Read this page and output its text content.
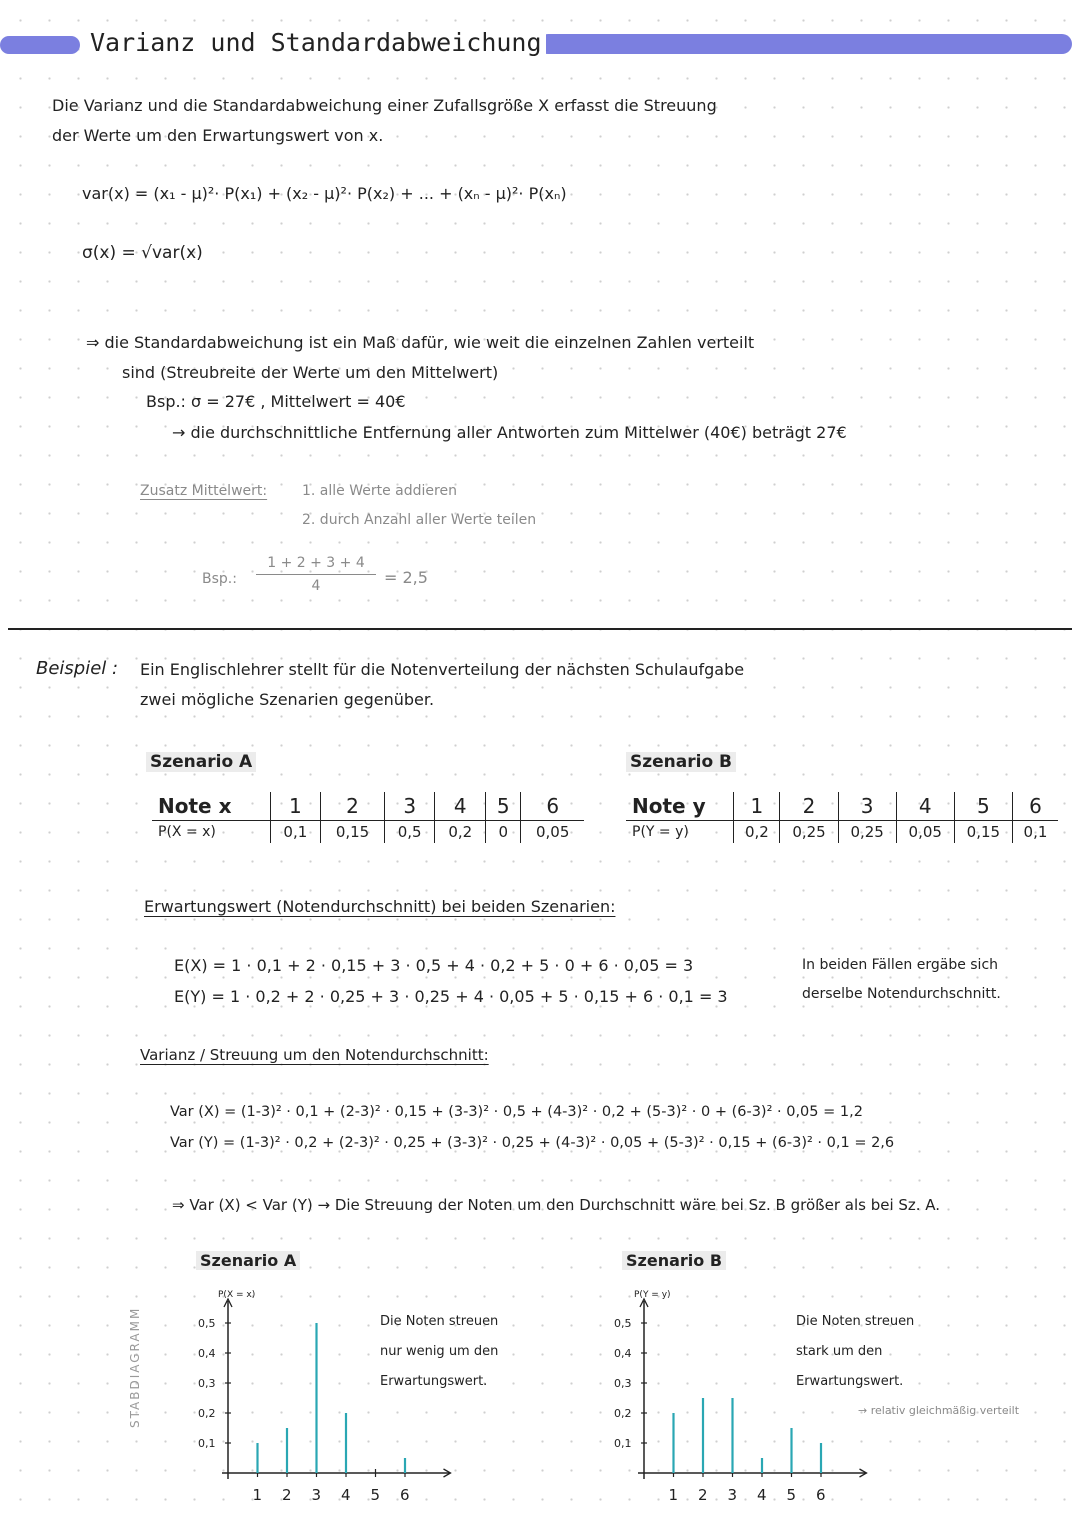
Varianz und Standardabweichung
Die Varianz und die Standardabweichung einer Zufallsgröße X erfasst die Streuung
der Werte um den Erwartungswert von x.
var(x) = (x₁ - μ)²· P(x₁) + (x₂ - μ)²· P(x₂) + ... + (xₙ - μ)²· P(xₙ)
σ(x) = √var(x)
⇒ die Standardabweichung ist ein Maß dafür, wie weit die einzelnen Zahlen verteilt
sind (Streubreite der Werte um den Mittelwert)
Bsp.: σ = 27€ , Mittelwert = 40€
→ die durchschnittliche Entfernung aller Antworten zum Mittelwer (40€) beträgt 27€
Zusatz Mittelwert: 1. alle Werte addieren
2. durch Anzahl aller Werte teilen
Bsp.:
1 + 2 + 3 + 4
4	= 2,5
Beispiel : Ein Englischlehrer stellt für die Notenverteilung der nächsten Schulaufgabe
zwei mögliche Szenarien gegenüber.
Szenario A	Szenario B
Note x	1	2	3	4	5	6
P(X = x)	0,1	0,15	0,5	0,2	0	0,05
Note y	1	2	3	4	5	6
P(Y = y)	0,2	0,25	0,25	0,05	0,15	0,1
Erwartungswert (Notendurchschnitt) bei beiden Szenarien:
E(X) = 1 · 0,1 + 2 · 0,15 + 3 · 0,5 + 4 · 0,2 + 5 · 0 + 6 · 0,05 = 3
E(Y) = 1 · 0,2 + 2 · 0,25 + 3 · 0,25 + 4 · 0,05 + 5 · 0,15 + 6 · 0,1 = 3
In beiden Fällen ergäbe sich
derselbe Notendurchschnitt.
Varianz / Streuung um den Notendurchschnitt:
Var (X) = (1-3)² · 0,1 + (2-3)² · 0,15 + (3-3)² · 0,5 + (4-3)² · 0,2 + (5-3)² · 0 + (6-3)² · 0,05 = 1,2
Var (Y) = (1-3)² · 0,2 + (2-3)² · 0,25 + (3-3)² · 0,25 + (4-3)² · 0,05 + (5-3)² · 0,15 + (6-3)² · 0,1 = 2,6
⇒ Var (X) < Var (Y) → Die Streuung der Noten um den Durchschnitt wäre bei Sz. B größer als bei Sz. A.
STABDIAGRAMM
Szenario A	Szenario B
P(X = x)
0,1
0,2
0,3
0,4
0,5
1 2 3 4 5 6
P(Y = y)
0,1
0,2
0,3
0,4
0,5
1 2 3 4 5 6
Die Noten streuen
nur wenig um den
Erwartungswert.
Die Noten streuen
stark um den
Erwartungswert.
→ relativ gleichmäßig verteilt
